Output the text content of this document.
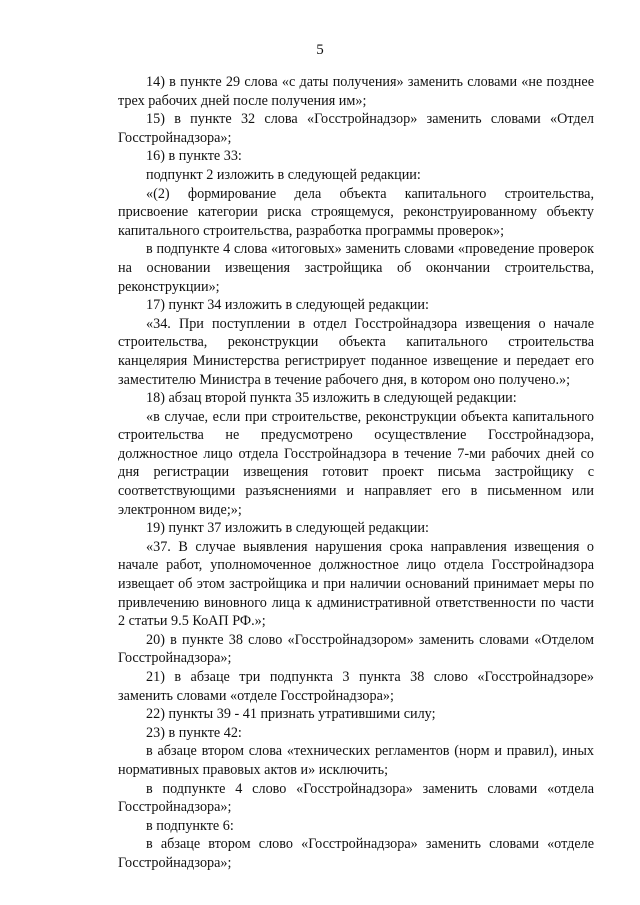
5

14) в пункте 29 слова «с даты получения» заменить словами «не позднее трех рабочих дней после получения им»;

15) в пункте 32 слова «Госстройнадзор» заменить словами «Отдел Госстройнадзора»;

16) в пункте 33:

подпункт 2 изложить в следующей редакции:

«(2) формирование дела объекта капитального строительства, присвоение категории риска строящемуся, реконструированному объекту капитального строительства, разработка программы проверок»;

в подпункте 4 слова «итоговых» заменить словами «проведение проверок на основании извещения застройщика об окончании строительства, реконструкции»;

17) пункт 34 изложить в следующей редакции:

«34. При поступлении в отдел Госстройнадзора извещения о начале строительства, реконструкции объекта капитального строительства канцелярия Министерства регистрирует поданное извещение и передает его заместителю Министра в течение рабочего дня, в котором оно получено.»;

18) абзац второй пункта 35 изложить в следующей редакции:

«в случае, если при строительстве, реконструкции объекта капитального строительства не предусмотрено осуществление Госстройнадзора, должностное лицо отдела Госстройнадзора в течение 7-ми рабочих дней со дня регистрации извещения готовит проект письма застройщику с соответствующими разъяснениями и направляет его в письменном или электронном виде;»;

19) пункт 37 изложить в следующей редакции:

«37. В случае выявления нарушения срока направления извещения о начале работ, уполномоченное должностное лицо отдела Госстройнадзора извещает об этом застройщика и при наличии оснований принимает меры по привлечению виновного лица к административной ответственности по части 2 статьи 9.5 КоАП РФ.»;

20) в пункте 38 слово «Госстройнадзором» заменить словами «Отделом Госстройнадзора»;

21) в абзаце три подпункта 3 пункта 38 слово «Госстройнадзоре» заменить словами «отделе Госстройнадзора»;

22) пункты 39 - 41 признать утратившими силу;

23) в пункте 42:

в абзаце втором слова «технических регламентов (норм и правил), иных нормативных правовых актов и» исключить;

в подпункте 4 слово «Госстройнадзора» заменить словами «отдела Госстройнадзора»;

в подпункте 6:

в абзаце втором слово «Госстройнадзора» заменить словами «отделе Госстройнадзора»;
